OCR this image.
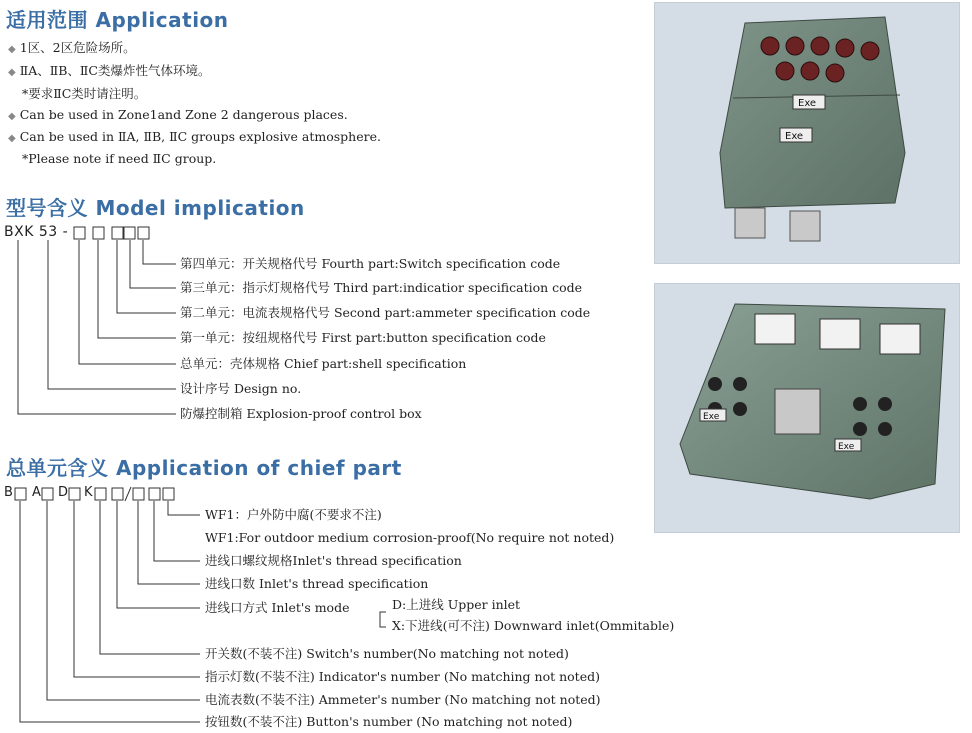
适用范围 Application
◆ 1区、2区危险场所。
◆ ⅡA、ⅡB、ⅡC类爆炸性气体环境。
*要求ⅡC类时请注明。
◆ Can be used in Zone1and Zone 2 dangerous places.
◆ Can be used in ⅡA, ⅡB, ⅡC groups explosive atmosphere.
*Please note if need ⅡC group.
型号含义 Model implication
BXK 53 -
第四单元：开关规格代号 Fourth part:Switch specification code
第三单元：指示灯规格代号 Third part:indicatior specification code
第二单元：电流表规格代号 Second part:ammeter specification code
第一单元：按纽规格代号 First part:button specification code
总单元：壳体规格 Chief part:shell specification
设计序号 Design no.
防爆控制箱 Explosion-proof control box
总单元含义 Application of chief part
B A D K
WF1：户外防中腐(不要求不注)
WF1:For outdoor medium corrosion-proof(No require not noted)
进线口螺纹规格Inlet's thread specification
进线口数 Inlet's thread specification
进线口方式 Inlet's mode	D:上进线 Upper inlet
X:下进线(可不注) Downward inlet(Ommitable)
开关数(不装不注) Switch's number(No matching not noted)
指示灯数(不装不注) Indicator's number (No matching not noted)
电流表数(不装不注) Ammeter's number (No matching not noted)
按钮数(不装不注) Button's number (No matching not noted)
Exe
Exe
Exe
Exe
